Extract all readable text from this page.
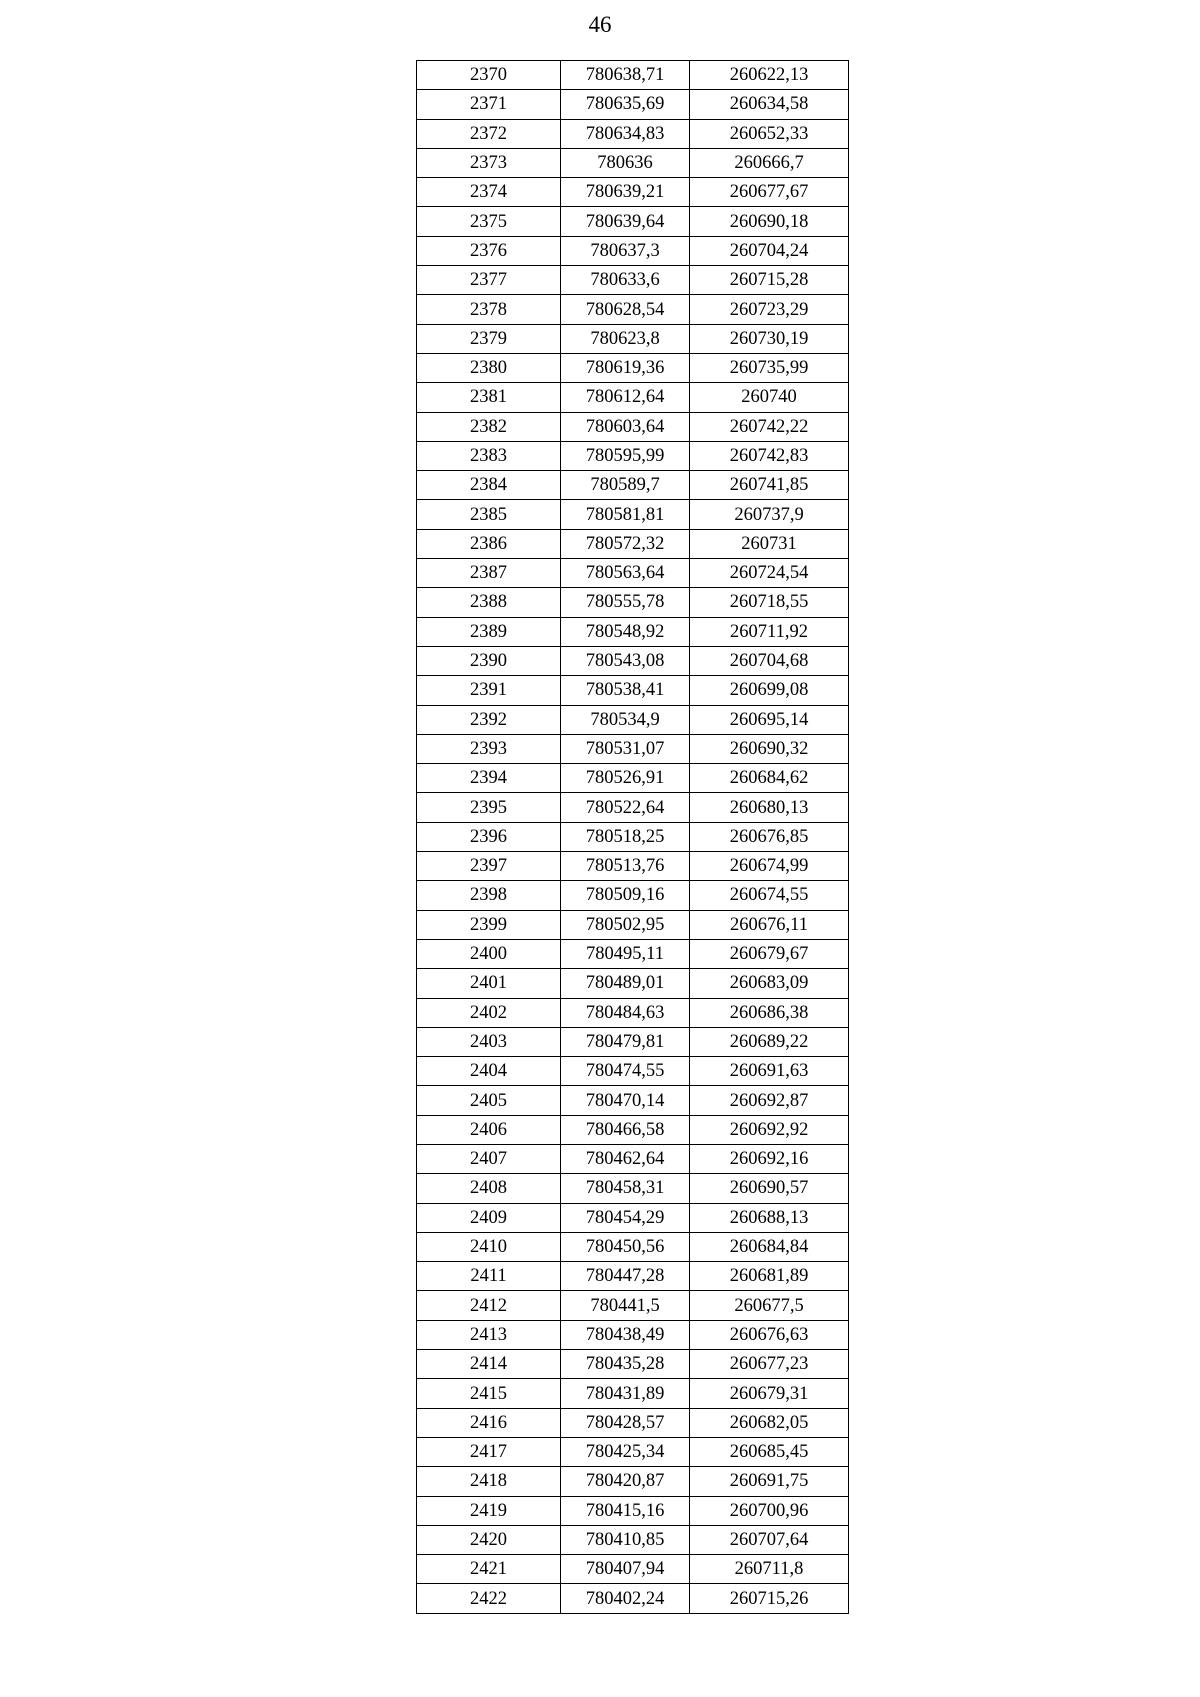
46
2370	780638,71	260622,13
2371	780635,69	260634,58
2372	780634,83	260652,33
2373	780636	260666,7
2374	780639,21	260677,67
2375	780639,64	260690,18
2376	780637,3	260704,24
2377	780633,6	260715,28
2378	780628,54	260723,29
2379	780623,8	260730,19
2380	780619,36	260735,99
2381	780612,64	260740
2382	780603,64	260742,22
2383	780595,99	260742,83
2384	780589,7	260741,85
2385	780581,81	260737,9
2386	780572,32	260731
2387	780563,64	260724,54
2388	780555,78	260718,55
2389	780548,92	260711,92
2390	780543,08	260704,68
2391	780538,41	260699,08
2392	780534,9	260695,14
2393	780531,07	260690,32
2394	780526,91	260684,62
2395	780522,64	260680,13
2396	780518,25	260676,85
2397	780513,76	260674,99
2398	780509,16	260674,55
2399	780502,95	260676,11
2400	780495,11	260679,67
2401	780489,01	260683,09
2402	780484,63	260686,38
2403	780479,81	260689,22
2404	780474,55	260691,63
2405	780470,14	260692,87
2406	780466,58	260692,92
2407	780462,64	260692,16
2408	780458,31	260690,57
2409	780454,29	260688,13
2410	780450,56	260684,84
2411	780447,28	260681,89
2412	780441,5	260677,5
2413	780438,49	260676,63
2414	780435,28	260677,23
2415	780431,89	260679,31
2416	780428,57	260682,05
2417	780425,34	260685,45
2418	780420,87	260691,75
2419	780415,16	260700,96
2420	780410,85	260707,64
2421	780407,94	260711,8
2422	780402,24	260715,26
